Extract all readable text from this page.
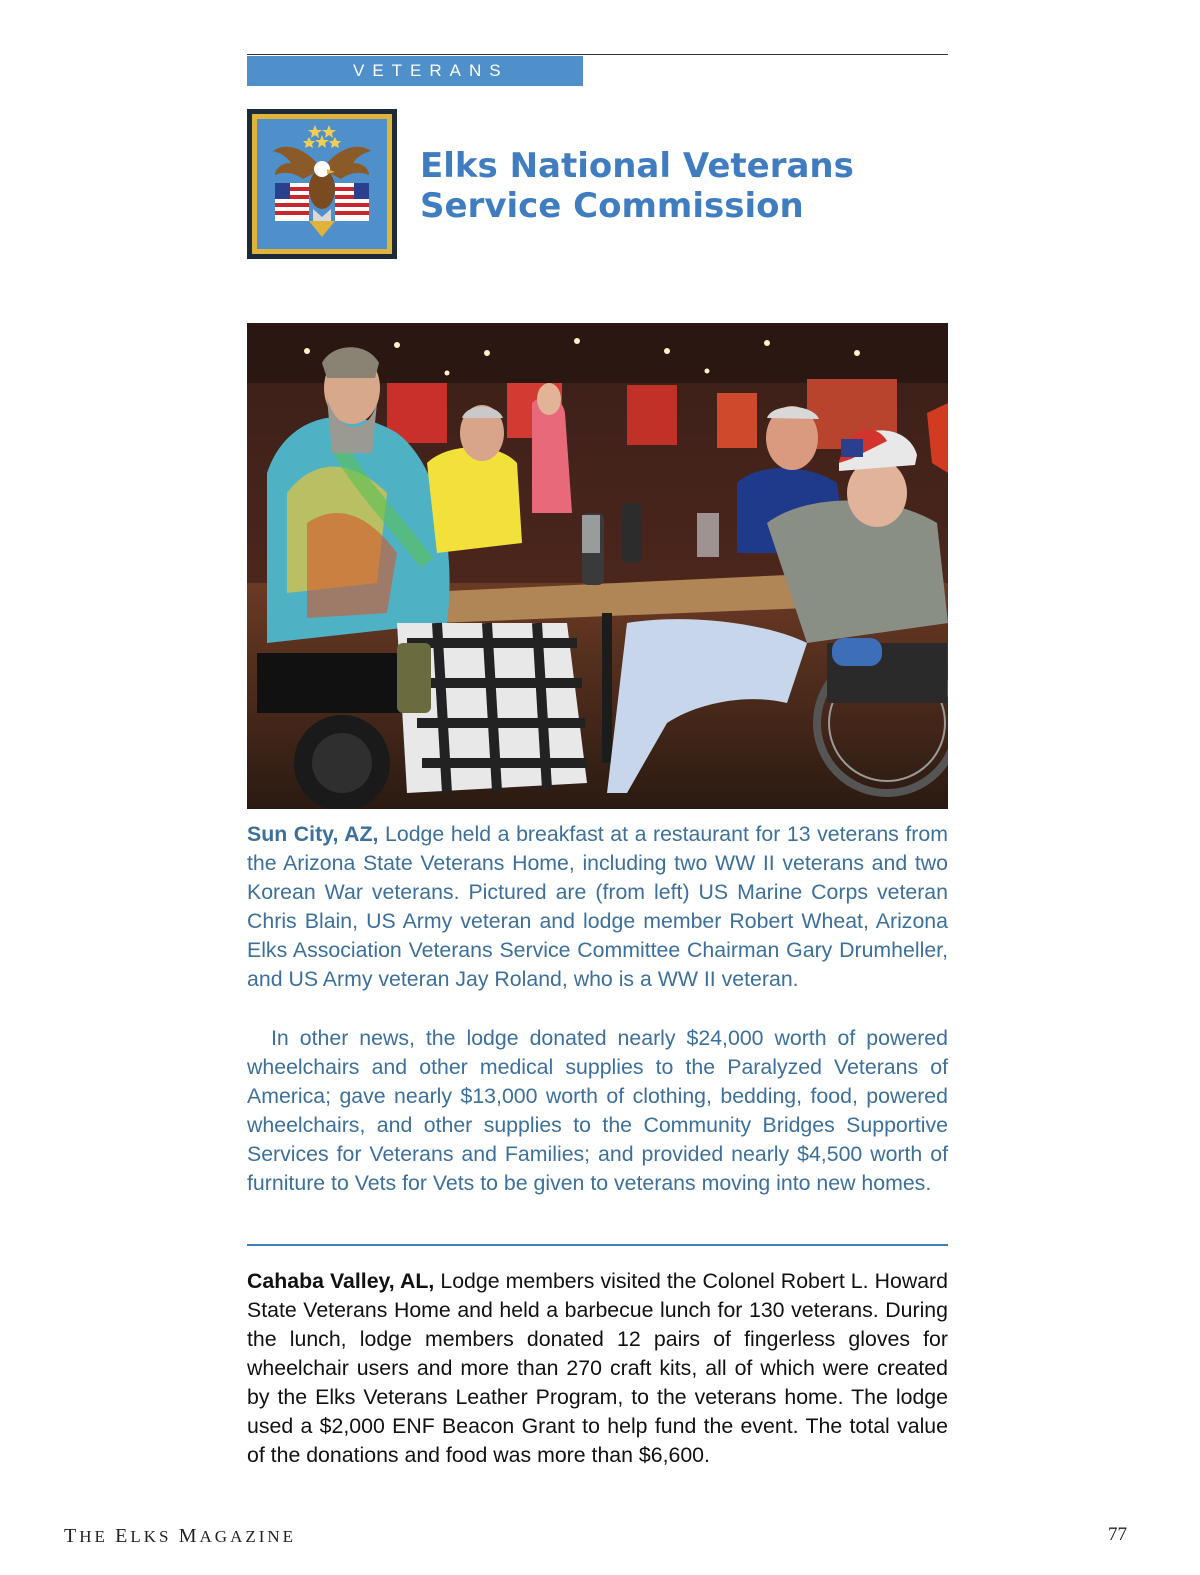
VETERANS
Elks National Veterans
Service Commission

Sun City, AZ, Lodge held a breakfast at a restaurant for 13 veterans from the Arizona State Veterans Home, including two WW II veterans and two Korean War veterans. Pictured are (from left) US Marine Corps veteran Chris Blain, US Army veteran and lodge member Robert Wheat, Arizona Elks Association Veterans Service Committee Chairman Gary Drumheller, and US Army veteran Jay Roland, who is a WW II veteran.

In other news, the lodge donated nearly $24,000 worth of powered wheelchairs and other medical supplies to the Paralyzed Veterans of America; gave nearly $13,000 worth of clothing, bedding, food, powered wheelchairs, and other supplies to the Community Bridges Supportive Services for Veterans and Families; and provided nearly $4,500 worth of furniture to Vets for Vets to be given to veterans moving into new homes.

Cahaba Valley, AL, Lodge members visited the Colonel Robert L. Howard State Veterans Home and held a barbecue lunch for 130 veterans. During the lunch, lodge members donated 12 pairs of fingerless gloves for wheelchair users and more than 270 craft kits, all of which were created by the Elks Veterans Leather Program, to the veterans home. The lodge used a $2,000 ENF Beacon Grant to help fund the event. The total value of the donations and food was more than $6,600.

THE ELKS MAGAZINE	77
